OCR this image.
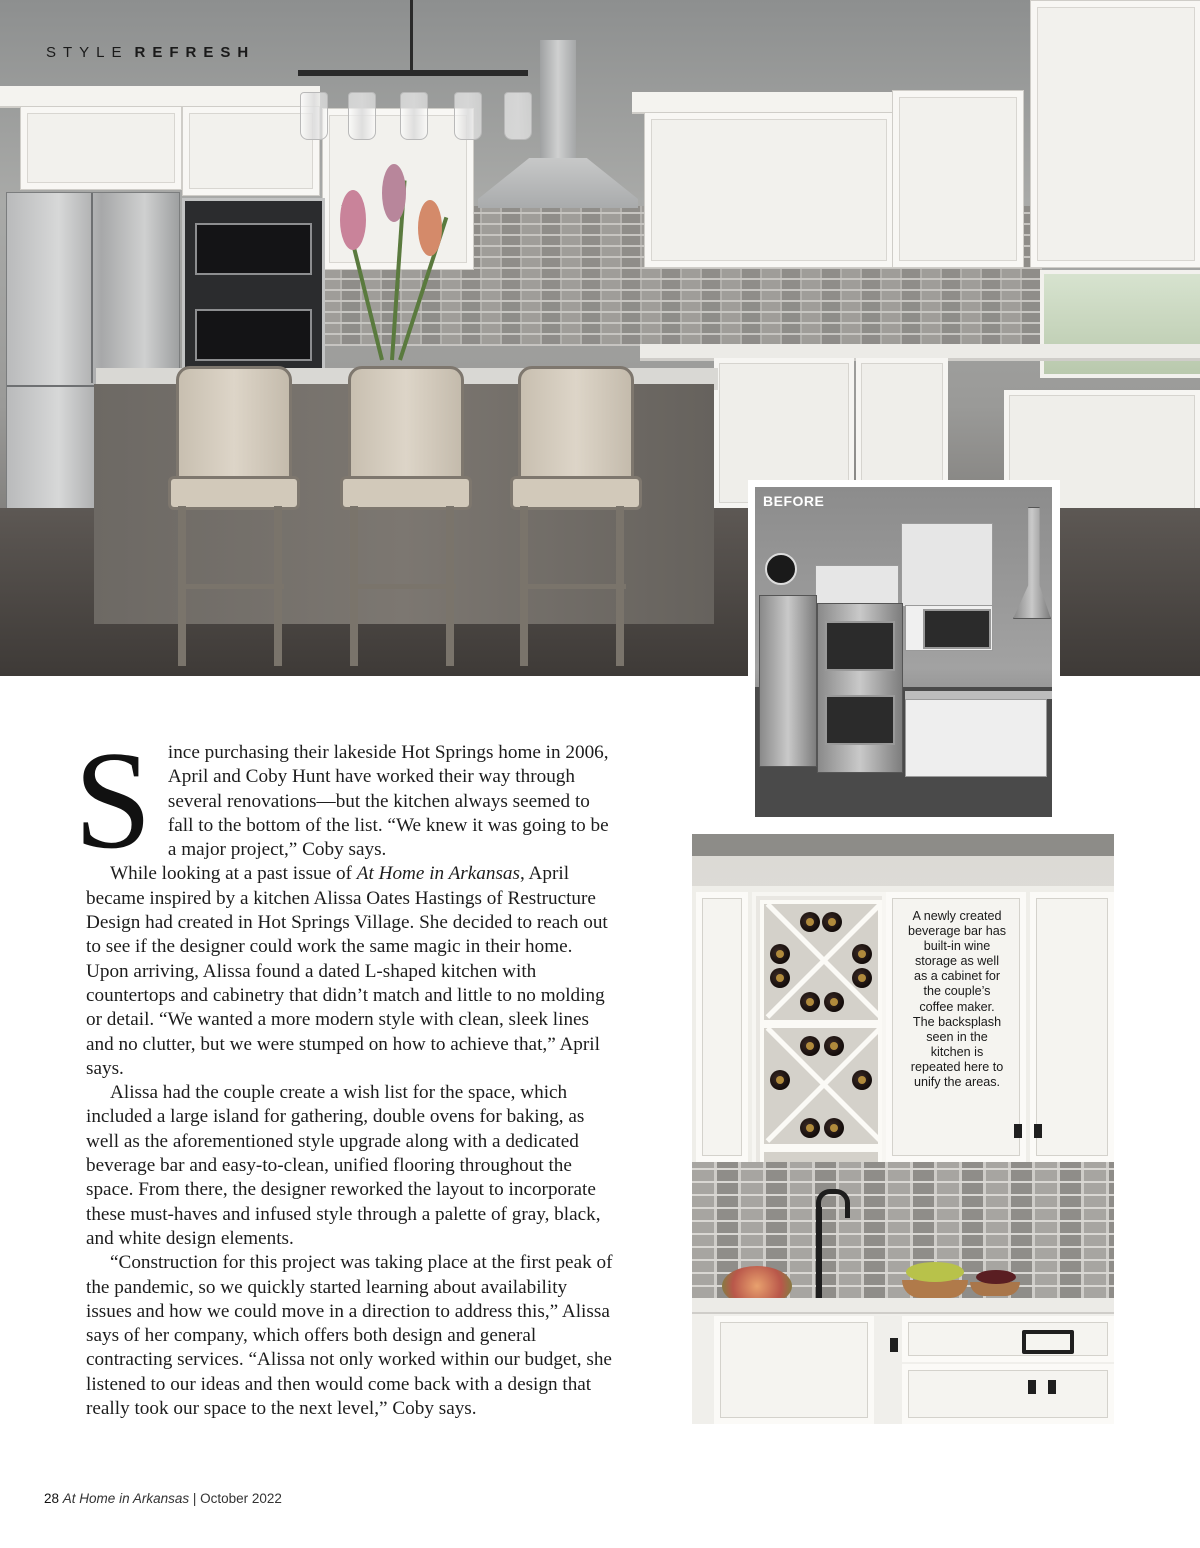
STYLE REFRESH
BEFORE

Since purchasing their lakeside Hot Springs home in 2006, April and Coby Hunt have worked their way through several renovations—but the kitchen always seemed to fall to the bottom of the list. “We knew it was going to be a major project,” Coby says.

While looking at a past issue of At Home in Arkansas, April became inspired by a kitchen Alissa Oates Hastings of Restructure Design had created in Hot Springs Village. She decided to reach out to see if the designer could work the same magic in their home. Upon arriving, Alissa found a dated L-shaped kitchen with countertops and cabinetry that didn’t match and little to no molding or detail. “We wanted a more modern style with clean, sleek lines and no clutter, but we were stumped on how to achieve that,” April says.

Alissa had the couple create a wish list for the space, which included a large island for gathering, double ovens for baking, as well as the aforementioned style upgrade along with a dedicated beverage bar and easy-to-clean, unified flooring throughout the space. From there, the designer reworked the layout to incorporate these must-haves and infused style through a palette of gray, black, and white design elements.

“Construction for this project was taking place at the first peak of the pandemic, so we quickly started learning about availability issues and how we could move in a direction to address this,” Alissa says of her company, which offers both design and general contracting services. “Alissa not only worked within our budget, she listened to our ideas and then would come back with a design that really took our space to the next level,” Coby says.

A newly created beverage bar has built-in wine storage as well as a cabinet for the couple’s coffee maker. The backsplash seen in the kitchen is repeated here to unify the areas.
28 At Home in Arkansas | October 2022
